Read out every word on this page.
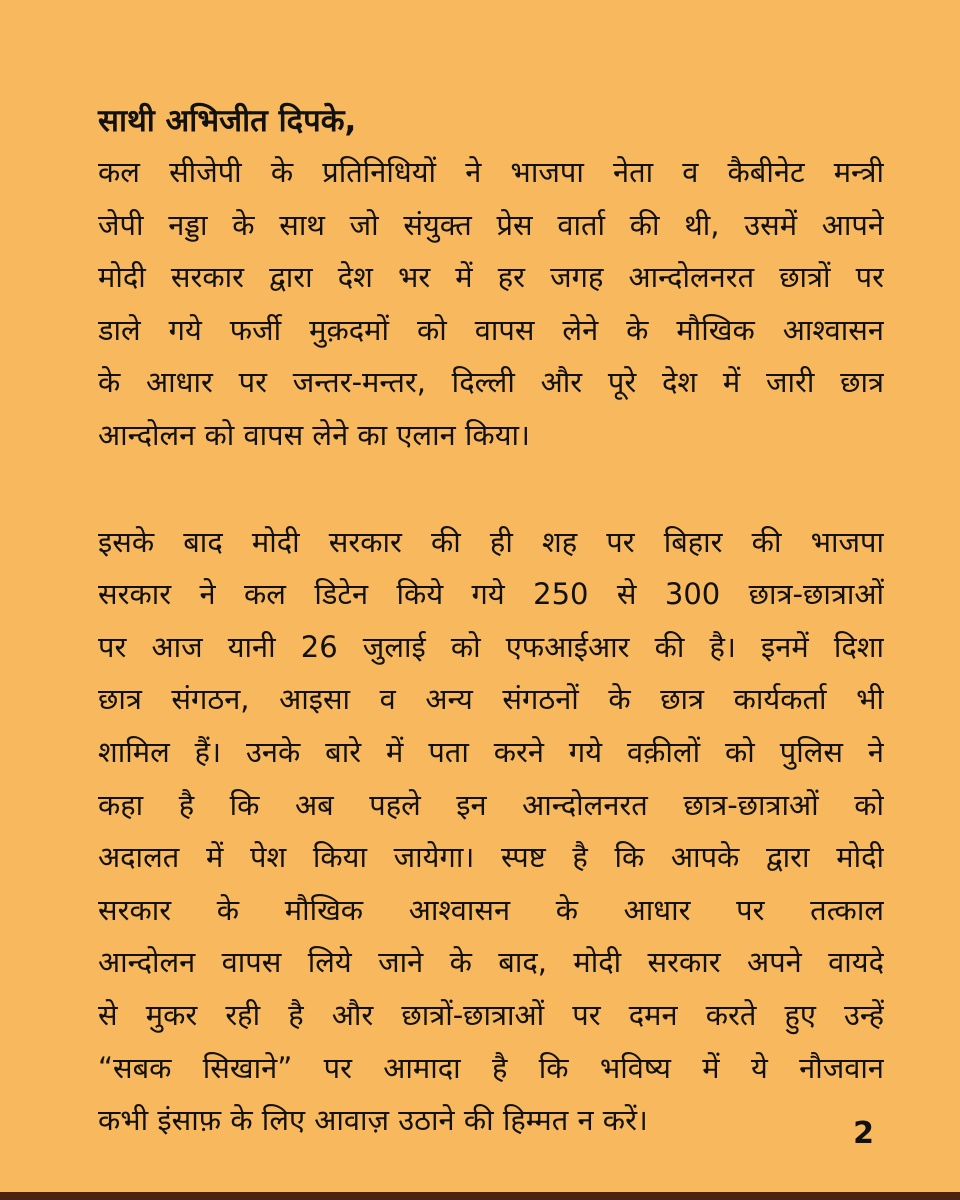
साथी अभिजीत दिपके,
कल सीजेपी के प्रतिनिधियों ने भाजपा नेता व कैबीनेट मन्त्री
जेपी नड्डा के साथ जो संयुक्त प्रेस वार्ता की थी, उसमें आपने
मोदी सरकार द्वारा देश भर में हर जगह आन्दोलनरत छात्रों पर
डाले गये फर्जी मुक़दमों को वापस लेने के मौखिक आश्वासन
के आधार पर जन्तर-मन्तर, दिल्ली और पूरे देश में जारी छात्र
आन्दोलन को वापस लेने का एलान किया।
इसके बाद मोदी सरकार की ही शह पर बिहार की भाजपा
सरकार ने कल डिटेन किये गये 250 से 300 छात्र-छात्राओं
पर आज यानी 26 जुलाई को एफआईआर की है। इनमें दिशा
छात्र संगठन, आइसा व अन्य संगठनों के छात्र कार्यकर्ता भी
शामिल हैं। उनके बारे में पता करने गये वक़ीलों को पुलिस ने
कहा है कि अब पहले इन आन्दोलनरत छात्र-छात्राओं को
अदालत में पेश किया जायेगा। स्पष्ट है कि आपके द्वारा मोदी
सरकार के मौखिक आश्वासन के आधार पर तत्काल
आन्दोलन वापस लिये जाने के बाद, मोदी सरकार अपने वायदे
से मुकर रही है और छात्रों-छात्राओं पर दमन करते हुए उन्हें
“सबक सिखाने” पर आमादा है कि भविष्य में ये नौजवान
कभी इंसाफ़ के लिए आवाज़ उठाने की हिम्मत न करें।	2
